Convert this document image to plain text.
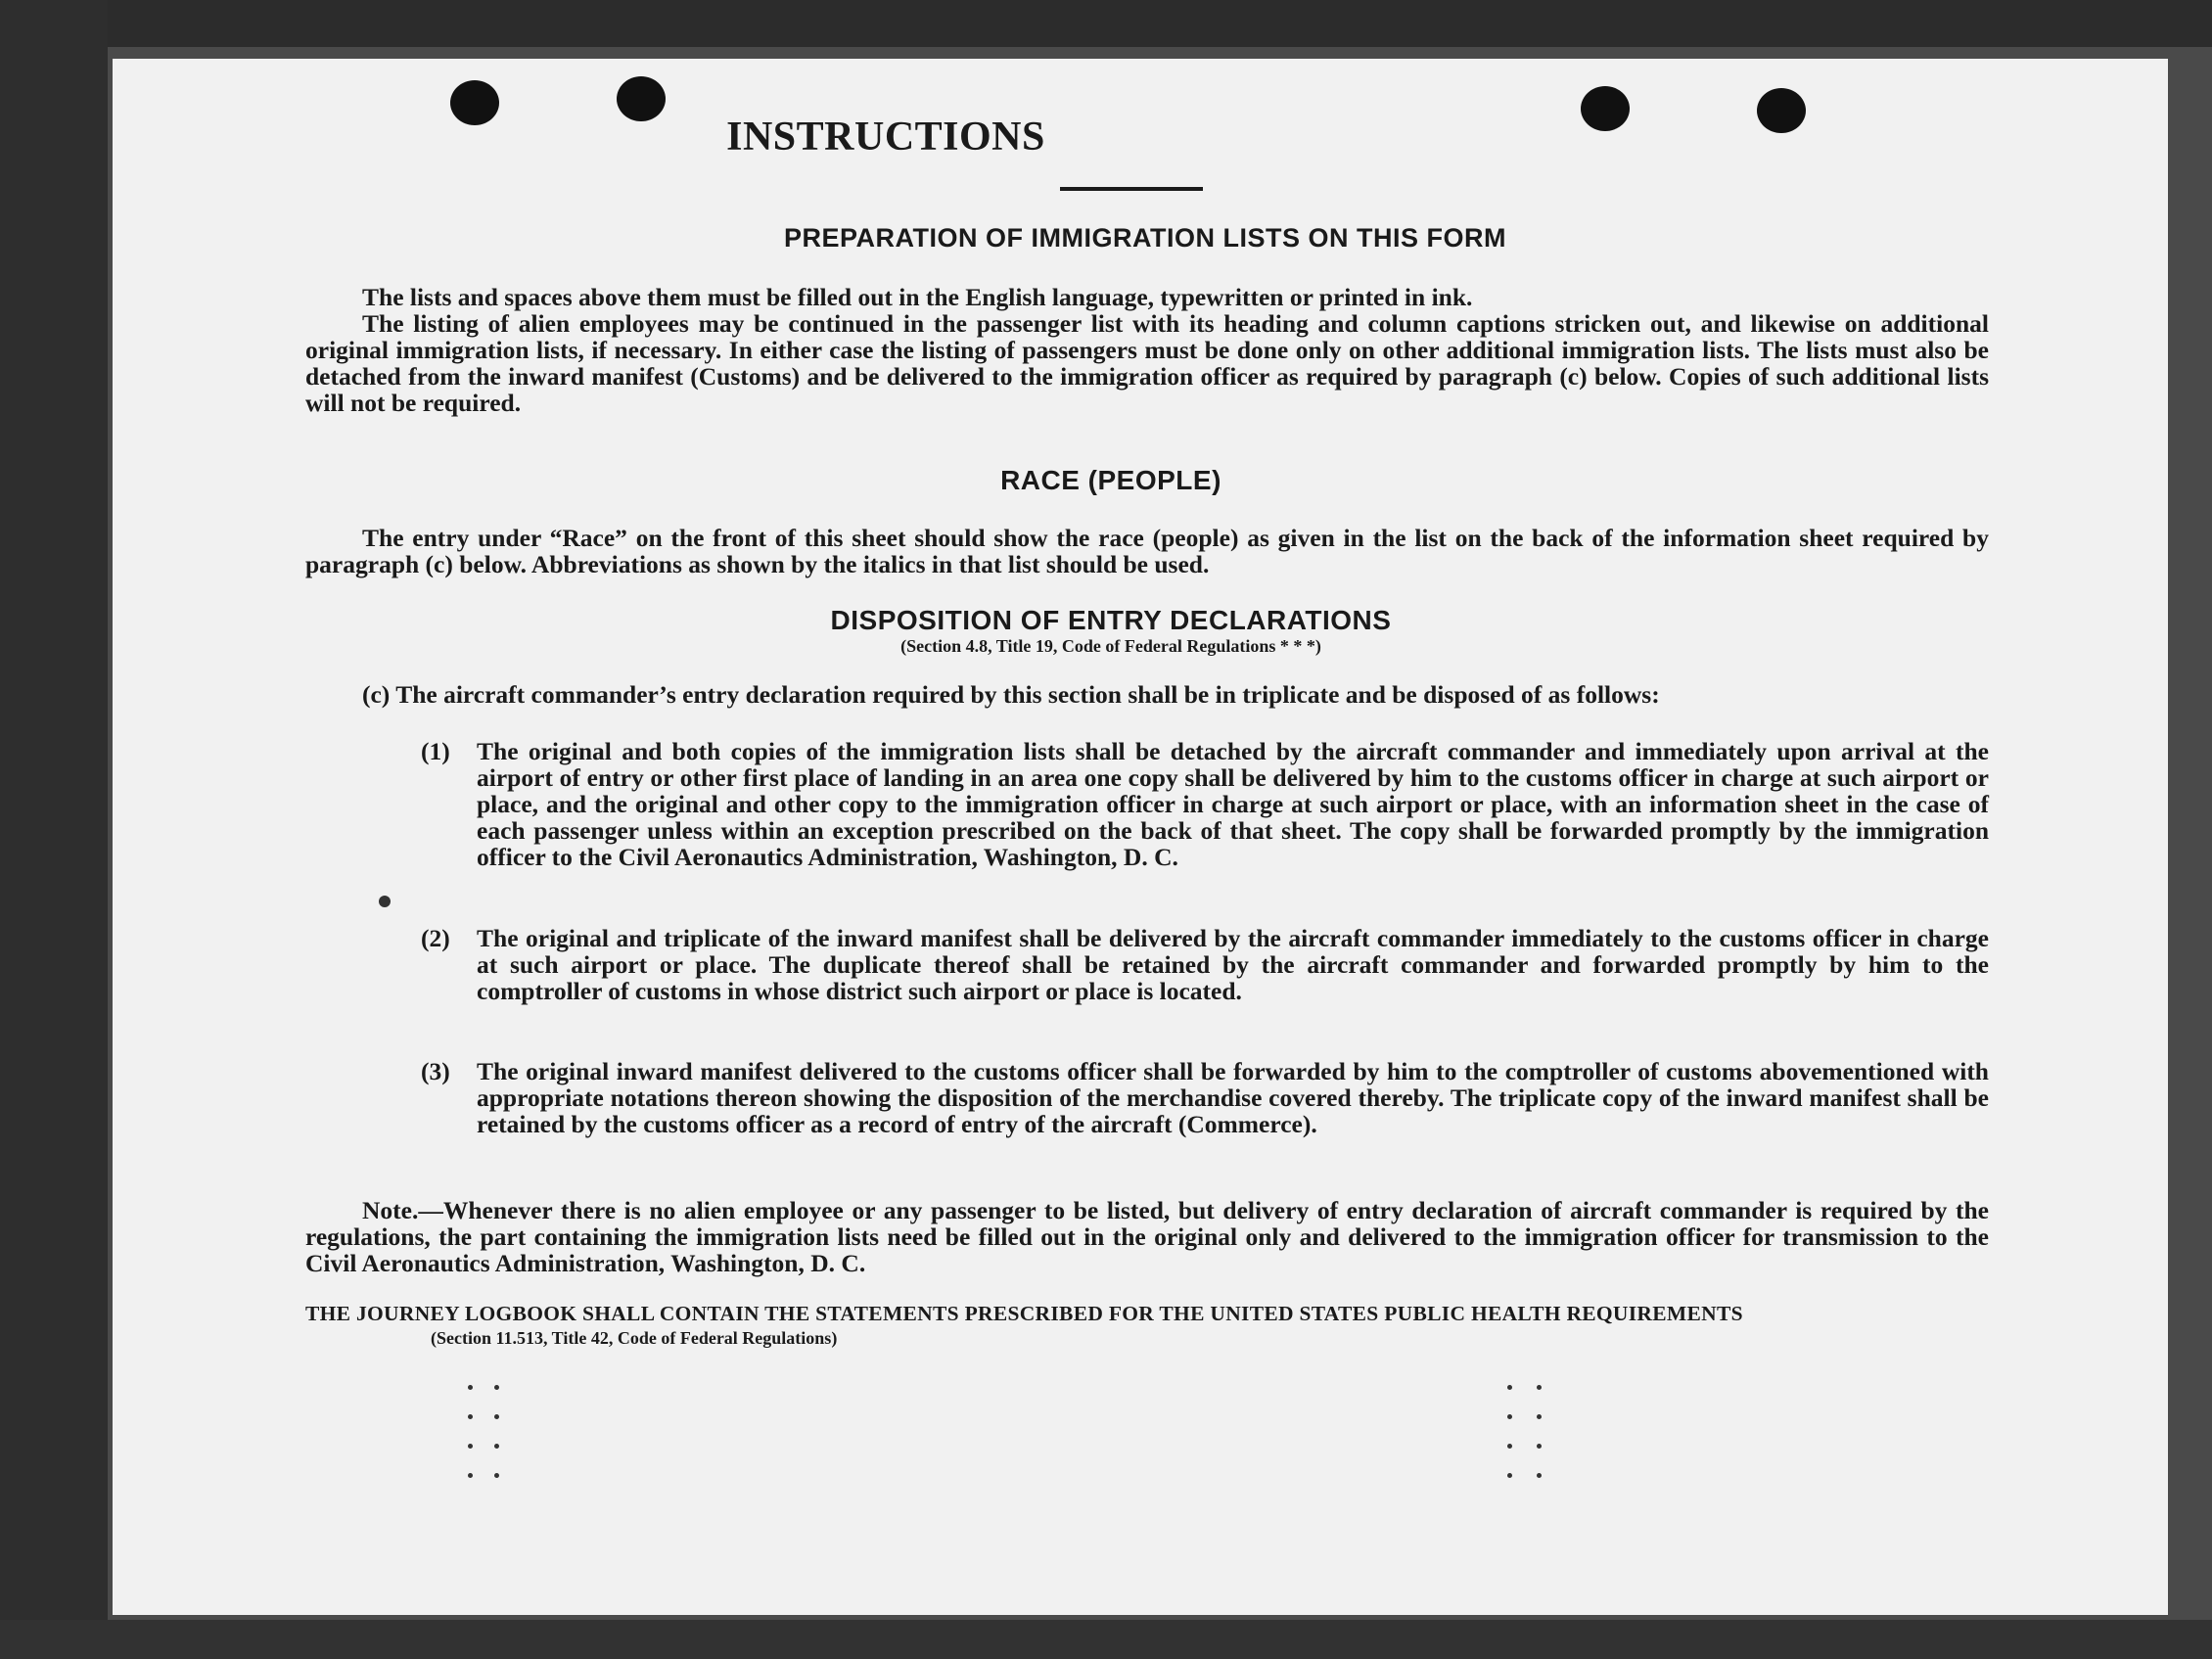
INSTRUCTIONS
PREPARATION OF IMMIGRATION LISTS ON THIS FORM
The lists and spaces above them must be filled out in the English language, typewritten or printed in ink.
The listing of alien employees may be continued in the passenger list with its heading and column captions stricken out, and likewise on additional original immigration lists, if necessary. In either case the listing of passengers must be done only on other additional immigration lists. The lists must also be detached from the inward manifest (Customs) and be delivered to the immigration officer as required by paragraph (c) below. Copies of such additional lists will not be required.
RACE (PEOPLE)
The entry under “Race” on the front of this sheet should show the race (people) as given in the list on the back of the information sheet required by paragraph (c) below. Abbreviations as shown by the italics in that list should be used.
DISPOSITION OF ENTRY DECLARATIONS
(Section 4.8, Title 19, Code of Federal Regulations * * *)
(c) The aircraft commander’s entry declaration required by this section shall be in triplicate and be disposed of as follows:
(1)	The original and both copies of the immigration lists shall be detached by the aircraft commander and immediately upon arrival at the airport of entry or other first place of landing in an area one copy shall be delivered by him to the customs officer in charge at such airport or place, and the original and other copy to the immigration officer in charge at such airport or place, with an information sheet in the case of each passenger unless within an exception prescribed on the back of that sheet. The copy shall be forwarded promptly by the immigration officer to the Civil Aeronautics Administration, Washington, D. C.
(2)	The original and triplicate of the inward manifest shall be delivered by the aircraft commander immediately to the customs officer in charge at such airport or place. The duplicate thereof shall be retained by the aircraft commander and forwarded promptly by him to the comptroller of customs in whose district such airport or place is located.
(3)	The original inward manifest delivered to the customs officer shall be forwarded by him to the comptroller of customs abovementioned with appropriate notations thereon showing the disposition of the merchandise covered thereby. The triplicate copy of the inward manifest shall be retained by the customs officer as a record of entry of the aircraft (Commerce).
Note.—Whenever there is no alien employee or any passenger to be listed, but delivery of entry declaration of aircraft commander is required by the regulations, the part containing the immigration lists need be filled out in the original only and delivered to the immigration officer for transmission to the Civil Aeronautics Administration, Washington, D. C.
THE JOURNEY LOGBOOK SHALL CONTAIN THE STATEMENTS PRESCRIBED FOR THE UNITED STATES PUBLIC HEALTH REQUIREMENTS
(Section 11.513, Title 42, Code of Federal Regulations)
